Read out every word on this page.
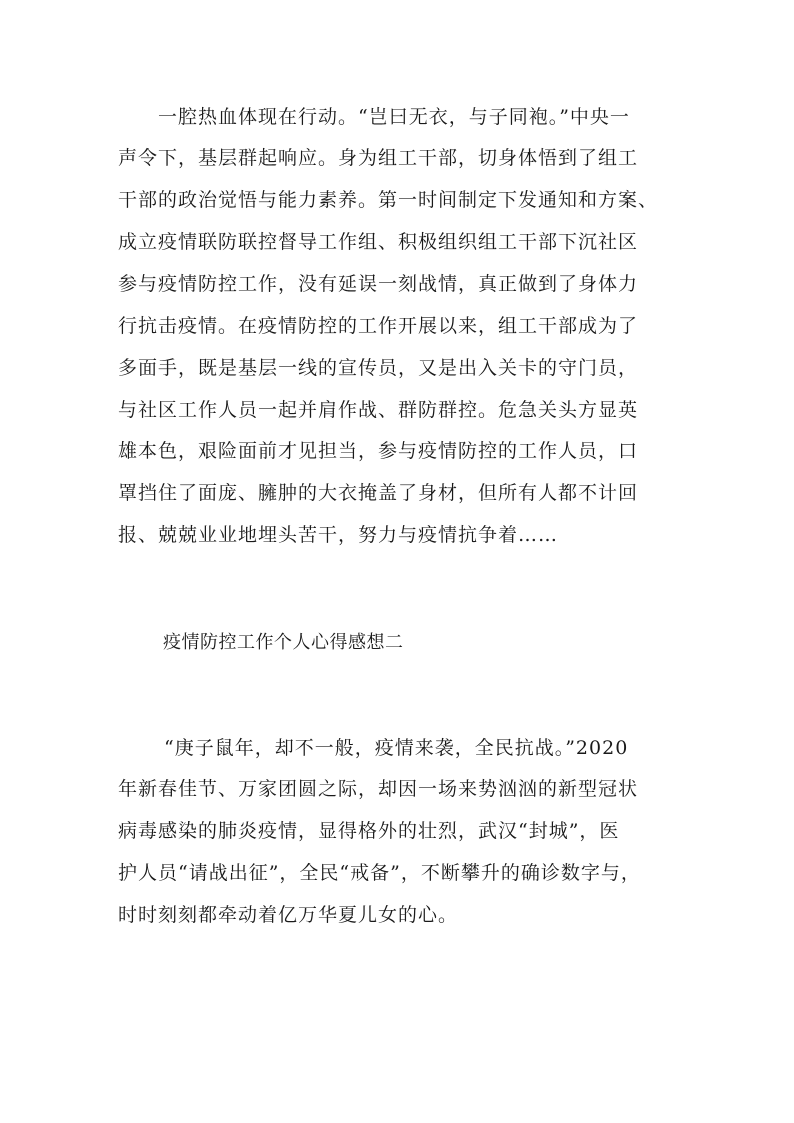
一腔热血体现在行动。“岂曰无衣，与子同袍。”中央一
声令下，基层群起响应。身为组工干部，切身体悟到了组工
干部的政治觉悟与能力素养。第一时间制定下发通知和方案、
成立疫情联防联控督导工作组、积极组织组工干部下沉社区
参与疫情防控工作，没有延误一刻战情，真正做到了身体力
行抗击疫情。在疫情防控的工作开展以来，组工干部成为了
多面手，既是基层一线的宣传员，又是出入关卡的守门员，
与社区工作人员一起并肩作战、群防群控。危急关头方显英
雄本色，艰险面前才见担当，参与疫情防控的工作人员，口
罩挡住了面庞、臃肿的大衣掩盖了身材，但所有人都不计回
报、兢兢业业地埋头苦干，努力与疫情抗争着……
疫情防控工作个人心得感想二
“庚子鼠年，却不一般，疫情来袭，全民抗战。”2020
年新春佳节、万家团圆之际，却因一场来势汹汹的新型冠状
病毒感染的肺炎疫情，显得格外的壮烈，武汉“封城”，医
护人员“请战出征”，全民“戒备”，不断攀升的确诊数字与，
时时刻刻都牵动着亿万华夏儿女的心。
